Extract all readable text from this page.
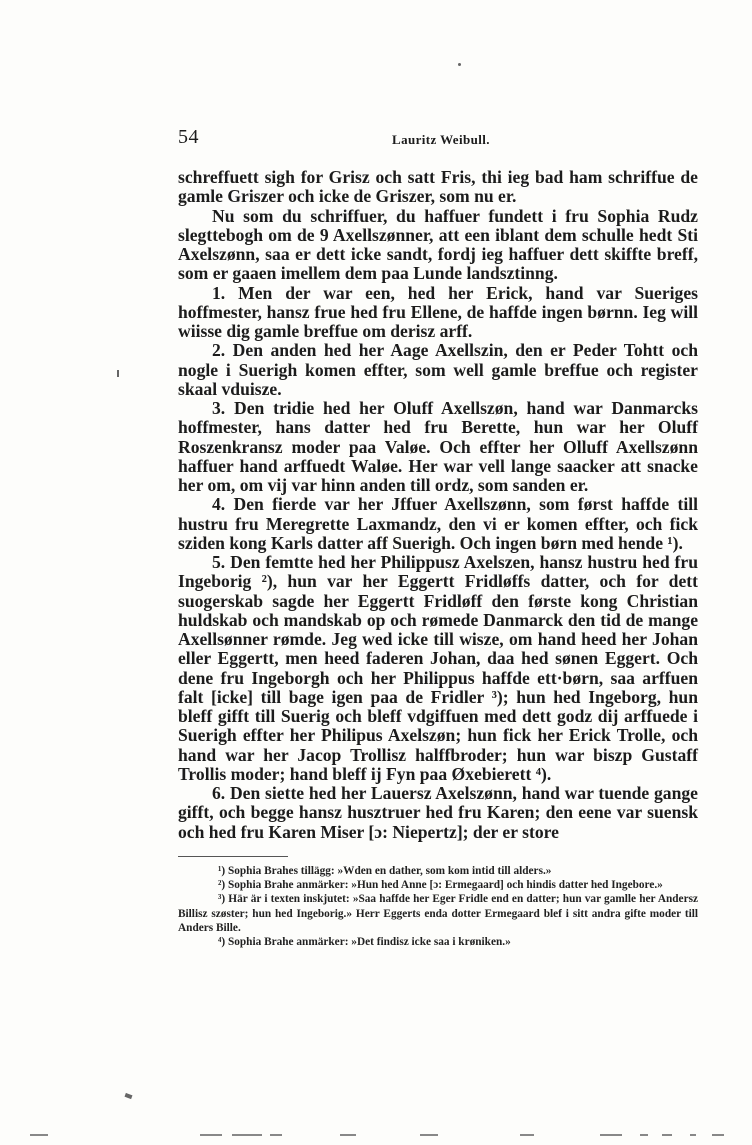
54	Lauritz Weibull.

schreffuett sigh for Grisz och satt Fris, thi ieg bad ham schriffue de gamle Griszer och icke de Griszer, som nu er.

Nu som du schriffuer, du haffuer fundett i fru Sophia Rudz slegttebogh om de 9 Axellszønner, att een iblant dem schulle hedt Sti Axelszønn, saa er dett icke sandt, fordj ieg haffuer dett skiffte breff, som er gaaen imellem dem paa Lunde landsztinng.

1. Men der war een, hed her Erick, hand var Sueriges hoffmester, hansz frue hed fru Ellene, de haffde ingen børnn. Ieg will wiisse dig gamle breffue om derisz arff.

2. Den anden hed her Aage Axellszin, den er Peder Tohtt och nogle i Suerigh komen effter, som well gamle breffue och register skaal vduisze.

3. Den tridie hed her Oluff Axellszøn, hand war Danmarcks hoffmester, hans datter hed fru Berette, hun war her Oluff Roszenkransz moder paa Valøe. Och effter her Olluff Axellszønn haffuer hand arffuedt Waløe. Her war vell lange saacker att snacke her om, om vij var hinn anden till ordz, som sanden er.

4. Den fierde var her Jffuer Axellszønn, som først haffde till hustru fru Meregrette Laxmandz, den vi er komen effter, och fick sziden kong Karls datter aff Suerigh. Och ingen børn med hende ¹).

5. Den femtte hed her Philippusz Axelszen, hansz hustru hed fru Ingeborig ²), hun var her Eggertt Fridløffs datter, och for dett suogerskab sagde her Eggertt Fridløff den første kong Christian huldskab och mandskab op och rømede Danmarck den tid de mange Axellsønner rømde. Jeg wed icke till wisze, om hand heed her Johan eller Eggertt, men heed faderen Johan, daa hed sønen Eggert. Och dene fru Ingeborgh och her Philippus haffde ett·børn, saa arffuen falt [icke] till bage igen paa de Fridler ³); hun hed Ingeborg, hun bleff gifft till Suerig och bleff vdgiffuen med dett godz dij arffuede i Suerigh effter her Philipus Axelszøn; hun fick her Erick Trolle, och hand war her Jacop Trollisz halffbroder; hun war biszp Gustaff Trollis moder; hand bleff ij Fyn paa Øxebierett ⁴).

6. Den siette hed her Lauersz Axelszønn, hand war tuende gange gifft, och begge hansz husztruer hed fru Karen; den eene var suensk och hed fru Karen Miser [ɔ: Niepertz]; der er store

¹) Sophia Brahes tillägg: »Wden en dather, som kom intid till alders.»

²) Sophia Brahe anmärker: »Hun hed Anne [ɔ: Ermegaard] och hindis datter hed Ingebore.»

³) Här är i texten inskjutet: »Saa haffde her Eger Fridle end en datter; hun var gamlle her Andersz Billisz szøster; hun hed Ingeborig.» Herr Eggerts enda dotter Ermegaard blef i sitt andra gifte moder till Anders Bille.

⁴) Sophia Brahe anmärker: »Det findisz icke saa i krøniken.»
